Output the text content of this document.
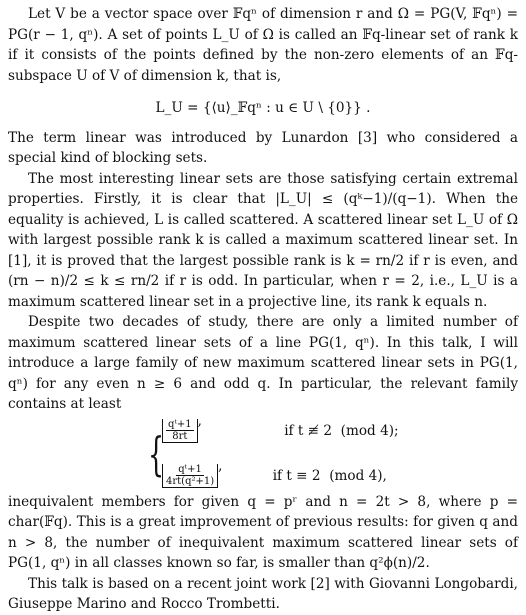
Let V be a vector space over 𝔽qⁿ of dimension r and Ω = PG(V, 𝔽qⁿ) = PG(r − 1, qⁿ). A set of points L_U of Ω is called an 𝔽q-linear set of rank k if it consists of the points defined by the non-zero elements of an 𝔽q-subspace U of V of dimension k, that is,

L_U = {⟨u⟩_𝔽qⁿ : u ∈ U \ {0}} .

The term linear was introduced by Lunardon [3] who considered a special kind of blocking sets.

The most interesting linear sets are those satisfying certain extremal properties. Firstly, it is clear that |L_U| ≤ (qᵏ−1)/(q−1). When the equality is achieved, L is called scattered. A scattered linear set L_U of Ω with largest possible rank k is called a maximum scattered linear set. In [1], it is proved that the largest possible rank is k = rn/2 if r is even, and (rn − n)/2 ≤ k ≤ rn/2 if r is odd. In particular, when r = 2, i.e., L_U is a maximum scattered linear set in a projective line, its rank k equals n.

Despite two decades of study, there are only a limited number of maximum scattered linear sets of a line PG(1, qⁿ). In this talk, I will introduce a large family of new maximum scattered linear sets in PG(1, qⁿ) for any even n ≥ 6 and odd q. In particular, the relevant family contains at least

{ $\frac{\text{qᵗ+1}}{8rt}$ ,

if t ≢ 2  (mod 4);
$\frac{\text{qᵗ+1}}{\text{4rt(q²+1)}}$ ,

if t ≡ 2  (mod 4),

inequivalent members for given q = pʳ and n = 2t > 8, where p = char(𝔽q). This is a great improvement of previous results: for given q and n > 8, the number of inequivalent maximum scattered linear sets of PG(1, qⁿ) in all classes known so far, is smaller than q²ϕ(n)/2.

This talk is based on a recent joint work [2] with Giovanni Longobardi, Giuseppe Marino and Rocco Trombetti.
